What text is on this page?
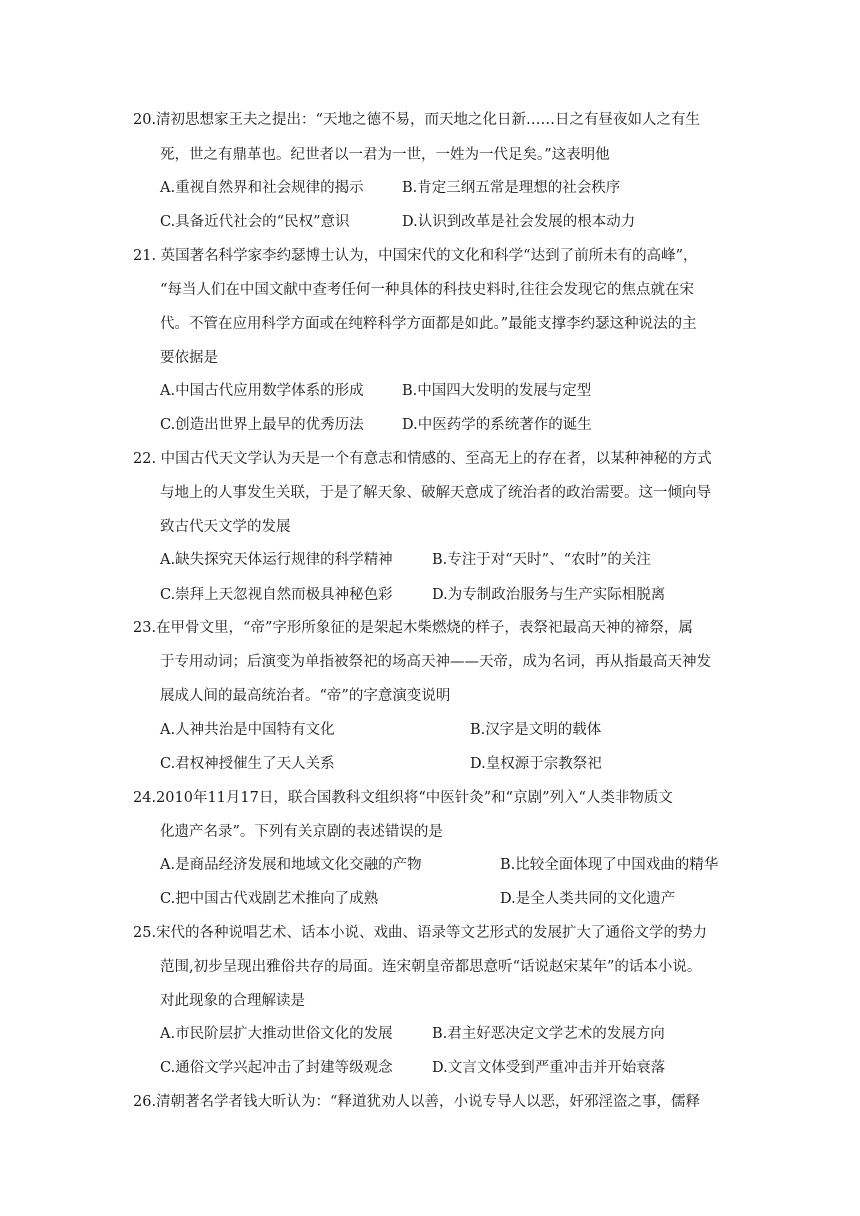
20.清初思想家王夫之提出：“天地之德不易，而天地之化日新……日之有昼夜如人之有生
死，世之有鼎革也。纪世者以一君为一世，一姓为一代足矣。”这表明他
A.重视自然界和社会规律的揭示	B.肯定三纲五常是理想的社会秩序
C.具备近代社会的“民权”意识	D.认识到改革是社会发展的根本动力
21. 英国著名科学家李约瑟博士认为，中国宋代的文化和科学“达到了前所未有的高峰”，
“每当人们在中国文献中查考任何一种具体的科技史料时,往往会发现它的焦点就在宋
代。不管在应用科学方面或在纯粹科学方面都是如此。”最能支撑李约瑟这种说法的主
要依据是
A.中国古代应用数学体系的形成	B.中国四大发明的发展与定型
C.创造出世界上最早的优秀历法	D.中医药学的系统著作的诞生
22. 中国古代天文学认为天是一个有意志和情感的、至高无上的存在者，以某种神秘的方式
与地上的人事发生关联，于是了解天象、破解天意成了统治者的政治需要。这一倾向导
致古代天文学的发展
A.缺失探究天体运行规律的科学精神	B.专注于对“天时”、“农时”的关注
C.崇拜上天忽视自然而极具神秘色彩	D.为专制政治服务与生产实际相脱离
23.在甲骨文里，“帝”字形所象征的是架起木柴燃烧的样子，表祭祀最高天神的禘祭，属
于专用动词；后演变为单指被祭祀的场高天神——天帝，成为名词，再从指最高天神发
展成人间的最高统治者。“帝”的字意演变说明
A.人神共治是中国特有文化	B.汉字是文明的载体
C.君权神授催生了天人关系	D.皇权源于宗教祭祀
24.2010年11月17日，联合国教科文组织将“中医针灸”和“京剧”列入“人类非物质文
化遗产名录”。下列有关京剧的表述错误的是
A.是商品经济发展和地域文化交融的产物	B.比较全面体现了中国戏曲的精华
C.把中国古代戏剧艺术推向了成熟	D.是全人类共同的文化遗产
25.宋代的各种说唱艺术、话本小说、戏曲、语录等文艺形式的发展扩大了通俗文学的势力
范围,初步呈现出雅俗共存的局面。连宋朝皇帝都思意听“话说赵宋某年”的话本小说。
对此现象的合理解读是
A.市民阶层扩大推动世俗文化的发展	B.君主好恶决定文学艺术的发展方向
C.通俗文学兴起冲击了封建等级观念	D.文言文体受到严重冲击并开始衰落
26.清朝著名学者钱大昕认为：“释道犹劝人以善，小说专导人以恶，奸邪淫盗之事，儒释
